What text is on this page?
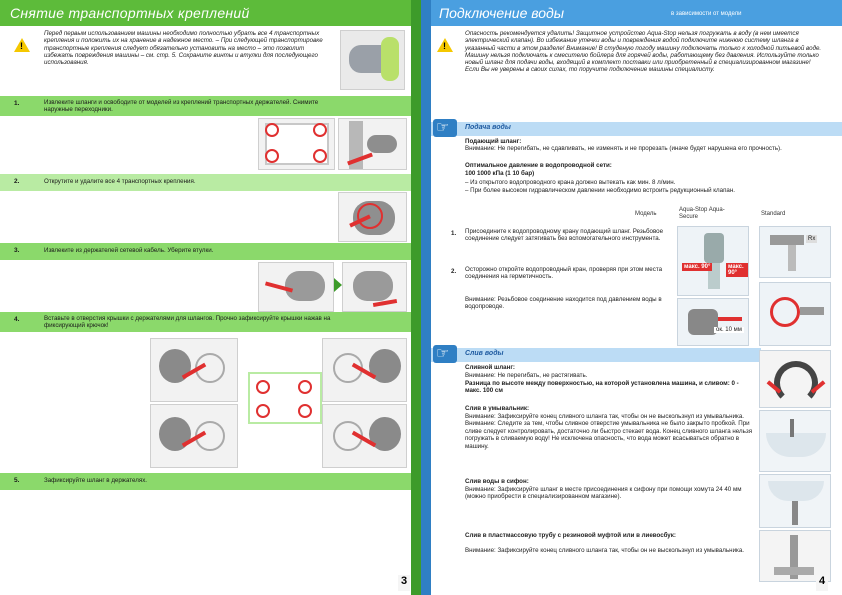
Снятие транспортных креплений
!
Перед первым использованием машины необходимо полностью убрать все 4 транспортных крепления и положить их на хранение в надежное место. – При следующей транспортировке транспортные крепления следует обязательно установить на место – это позволит избежать повреждения машины – см. стр. 5. Сохраните винты и втулки для последующего использования.
1.	Извлеките шланги и освободите от моделей из креплений транспортных держателей. Снимите наружные переходники.
2.	Открутите и удалите все 4 транспортных крепления.
3.	Извлеките из держателей сетевой кабель. Уберите втулки.
4.	Вставьте в отверстия крышки с держателями для шлангов. Прочно зафиксируйте крышки нажав на фиксирующий крючок!
5.	Зафиксируйте шланг в держателях.
3
Подключение воды	в зависимости от модели
!
Опасность рекомендуется удалить! Защитное устройство Aqua-Stop нельзя погружать в воду (в нем имеется электрический клапан). Во избежание утечки воды и повреждения водой подключите нижнюю систему шланга в указанный части в этом разделе! Внимание! В студеную погоду машину подключать только к холодной питьевой воде. Машину нельзя подключать к смесителю бойлера для горячей воды, работающему без давления. Используйте только новый шланг для подачи воды, входящий в комплект поставки или приобретенный в специализированном магазине! Если Вы не уверены в своих силах, то поручите подключение машины специалисту.
☞
Подача воды
Подающий шланг:
Внимание: Не перегибать, не сдавливать, не изменять и не прорезать (иначе будет нарушена его прочность).
Оптимальное давление в водопроводной сети:
100 1000 кПа (1 10 бар)
– Из открытого водопроводного крана должно вытекать как мин. 8 л/мин.
– При более высоком гидравлическом давлении необходимо встроить редукционный клапан.
Модель
Aqua-Stop Aqua-Secure	Standard
1. Присоедините к водопроводному крану подающий шланг. Резьбовое соединение следует затягивать без вспомогательного инструмента.
2. Осторожно откройте водопроводный кран, проверяя при этом места соединения на герметичность.
Внимание: Резьбовое соединение находится под давлением воды в водопроводе.
макс. 90°	макс. 90°
Rx
ок. 10 мм
☞
Слив воды
Сливной шланг:
Внимание: Не перегибать, не растягивать.
Разница по высоте между поверхностью, на которой установлена машина, и сливом: 0 - макс. 100 см
Слив в умывальник:
Внимание: Зафиксируйте конец сливного шланга так, чтобы он не выскользнул из умывальника. Внимание: Следите за тем, чтобы сливное отверстие умывальника не было закрыто пробкой. При сливе следует контролировать, достаточно ли быстро стекает вода. Конец сливного шланга нельзя погружать в сливаемую воду! Не исключена опасность, что вода может всасываться обратно в машину.
Слив воды в сифон:
Внимание: Зафиксируйте шланг в месте присоединения к сифону при помощи хомута 24 40 мм (можно приобрести в специализированном магазине).
Слив в пластмассовую трубу с резиновой муфтой или в лиевосбук:
Внимание: Зафиксируйте конец сливного шланга так, чтобы он не выскользнул из умывальника.
4
